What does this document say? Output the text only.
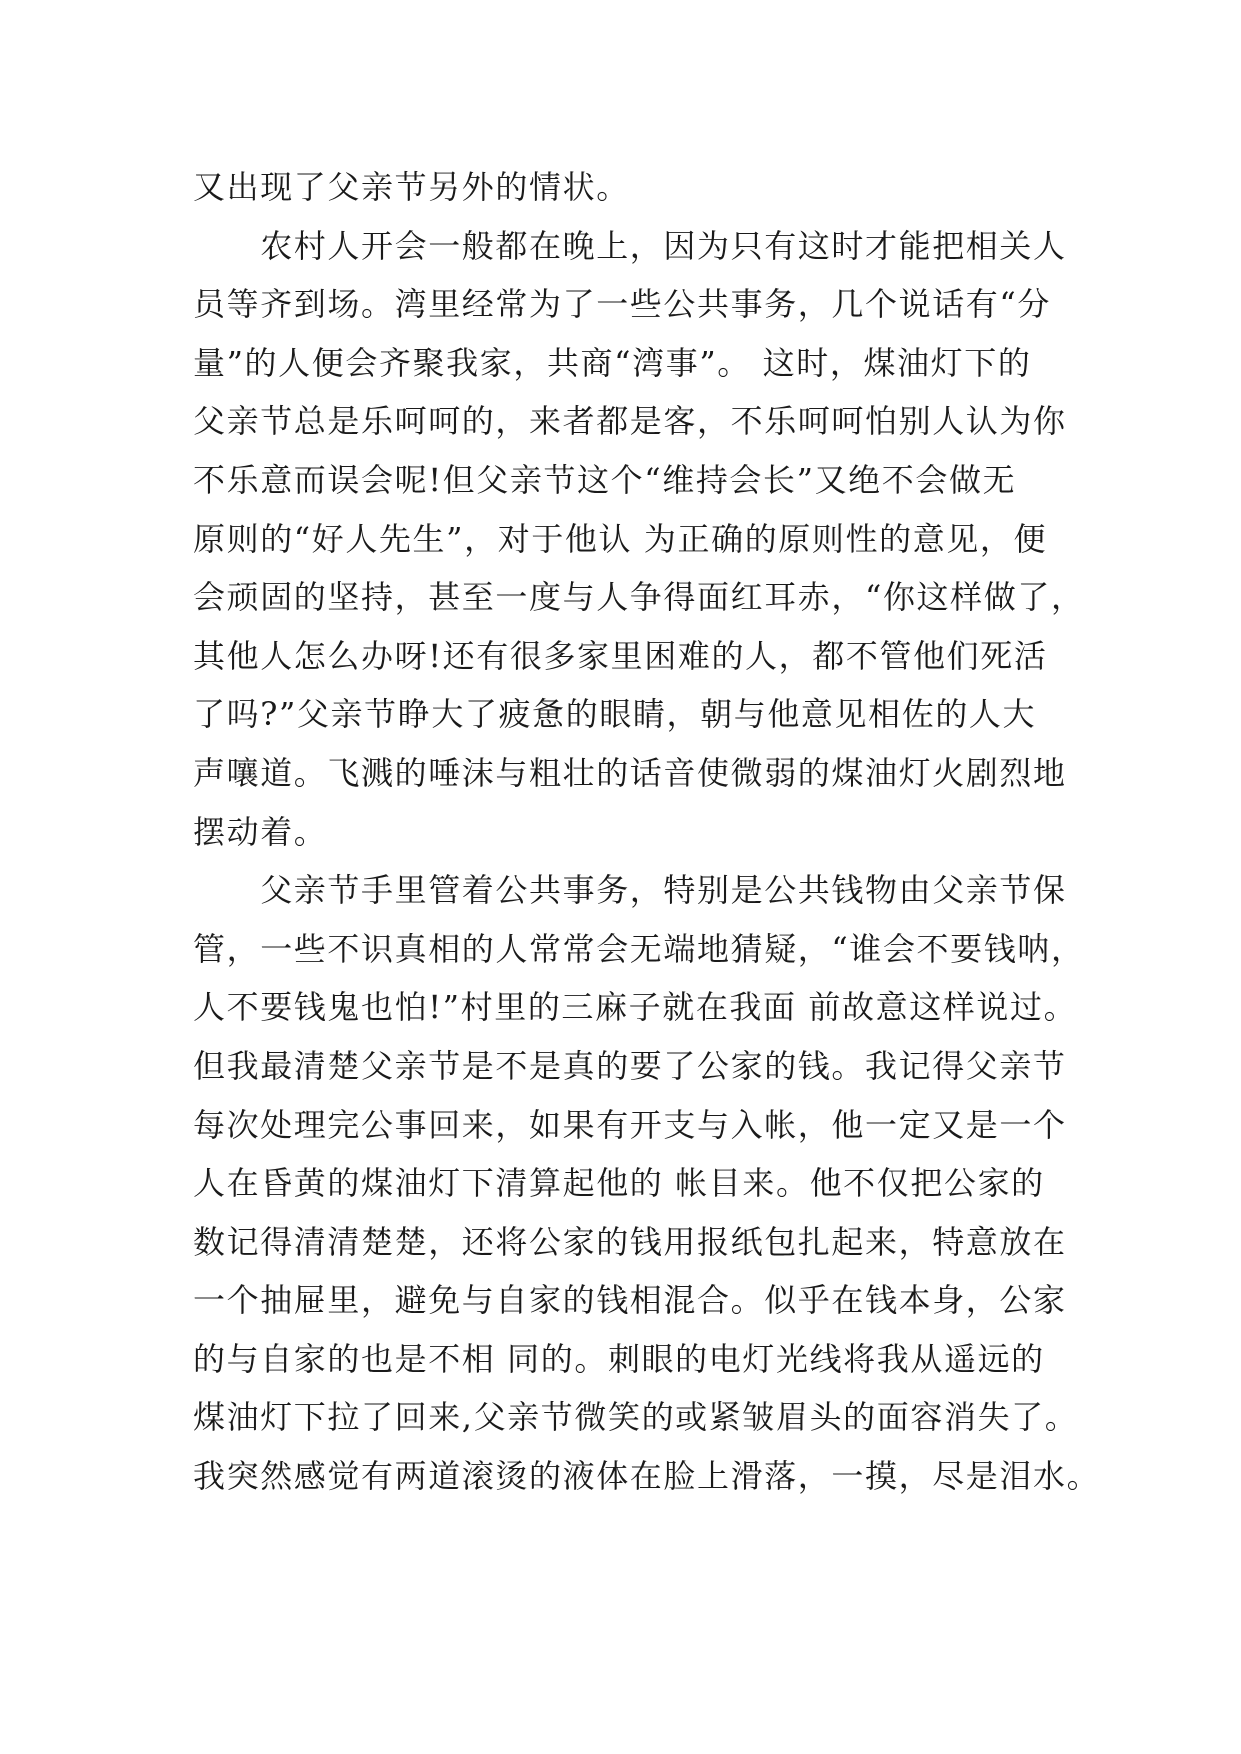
又出现了父亲节另外的情状。
　　农村人开会一般都在晚上，因为只有这时才能把相关人
员等齐到场。湾里经常为了一些公共事务，几个说话有“分
量”的人便会齐聚我家，共商“湾事”。 这时，煤油灯下的
父亲节总是乐呵呵的，来者都是客，不乐呵呵怕别人认为你
不乐意而误会呢!但父亲节这个“维持会长”又绝不会做无
原则的“好人先生”，对于他认 为正确的原则性的意见，便
会顽固的坚持，甚至一度与人争得面红耳赤，“你这样做了，
其他人怎么办呀!还有很多家里困难的人，都不管他们死活
了吗?”父亲节睁大了疲惫的眼睛，朝与他意见相佐的人大
声嚷道。飞溅的唾沫与粗壮的话音使微弱的煤油灯火剧烈地
摆动着。
　　父亲节手里管着公共事务，特别是公共钱物由父亲节保
管，一些不识真相的人常常会无端地猜疑，“谁会不要钱呐，
人不要钱鬼也怕!”村里的三麻子就在我面 前故意这样说过。
但我最清楚父亲节是不是真的要了公家的钱。我记得父亲节
每次处理完公事回来，如果有开支与入帐，他一定又是一个
人在昏黄的煤油灯下清算起他的 帐目来。他不仅把公家的
数记得清清楚楚，还将公家的钱用报纸包扎起来，特意放在
一个抽屉里，避免与自家的钱相混合。似乎在钱本身，公家
的与自家的也是不相 同的。刺眼的电灯光线将我从遥远的
煤油灯下拉了回来,父亲节微笑的或紧皱眉头的面容消失了。
我突然感觉有两道滚烫的液体在脸上滑落，一摸，尽是泪水。
